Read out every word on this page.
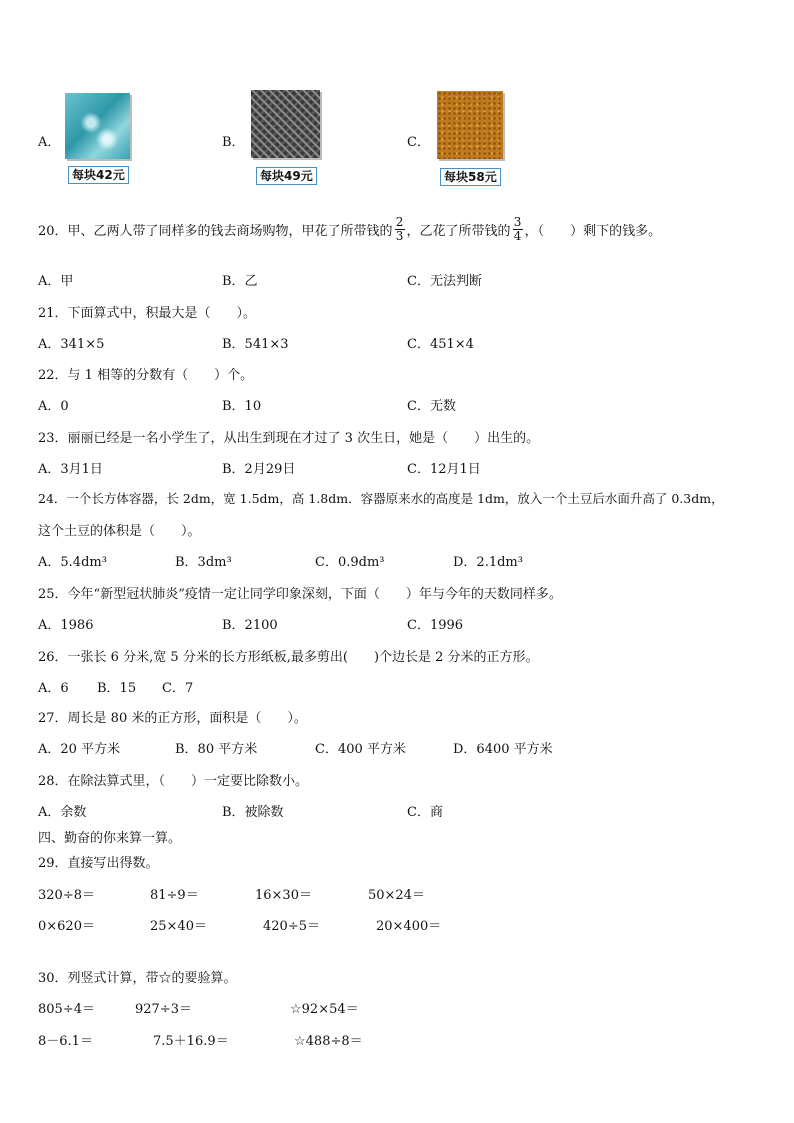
A．
每块42元
B．
每块49元
C．
每块58元
20．甲、乙两人带了同样多的钱去商场购物，甲花了所带钱的 $\frac{2}{3}$ ，乙花了所带钱的 $\frac{3}{4}$ ，（　　）剩下的钱多。
A．甲	B．乙	C．无法判断
21．下面算式中，积最大是（　　）。
A．341×5	B．541×3	C．451×4
22．与 1 相等的分数有（　　）个。
A．0	B．10	C．无数
23．丽丽已经是一名小学生了，从出生到现在才过了 3 次生日，她是（　　）出生的。
A．3月1日	B．2月29日	C．12月1日
24．一个长方体容器，长 2dm，宽 1.5dm，高 1.8dm．容器原来水的高度是 1dm，放入一个土豆后水面升高了 0.3dm，
这个土豆的体积是（　　）。
A．5.4dm³	B．3dm³	C．0.9dm³	D．2.1dm³
25．今年“新型冠状肺炎”疫情一定让同学印象深刻，下面（　　）年与今年的天数同样多。
A．1986	B．2100	C．1996
26．一张长 6 分米,宽 5 分米的长方形纸板,最多剪出(　　)个边长是 2 分米的正方形。
A．6 B．15 C．7
27．周长是 80 米的正方形，面积是（　　）。
A．20 平方米	B．80 平方米	C．400 平方米	D．6400 平方米
28．在除法算式里，（　　）一定要比除数小。
A．余数	B．被除数	C．商
四、勤奋的你来算一算。
29．直接写出得数。
320÷8＝	81÷9＝	16×30＝	50×24＝
0×620＝	25×40＝	420÷5＝	20×400＝
30．列竖式计算，带☆的要验算。
805÷4＝	927÷3＝	☆92×54＝
8－6.1＝	7.5＋16.9＝	☆488÷8＝
